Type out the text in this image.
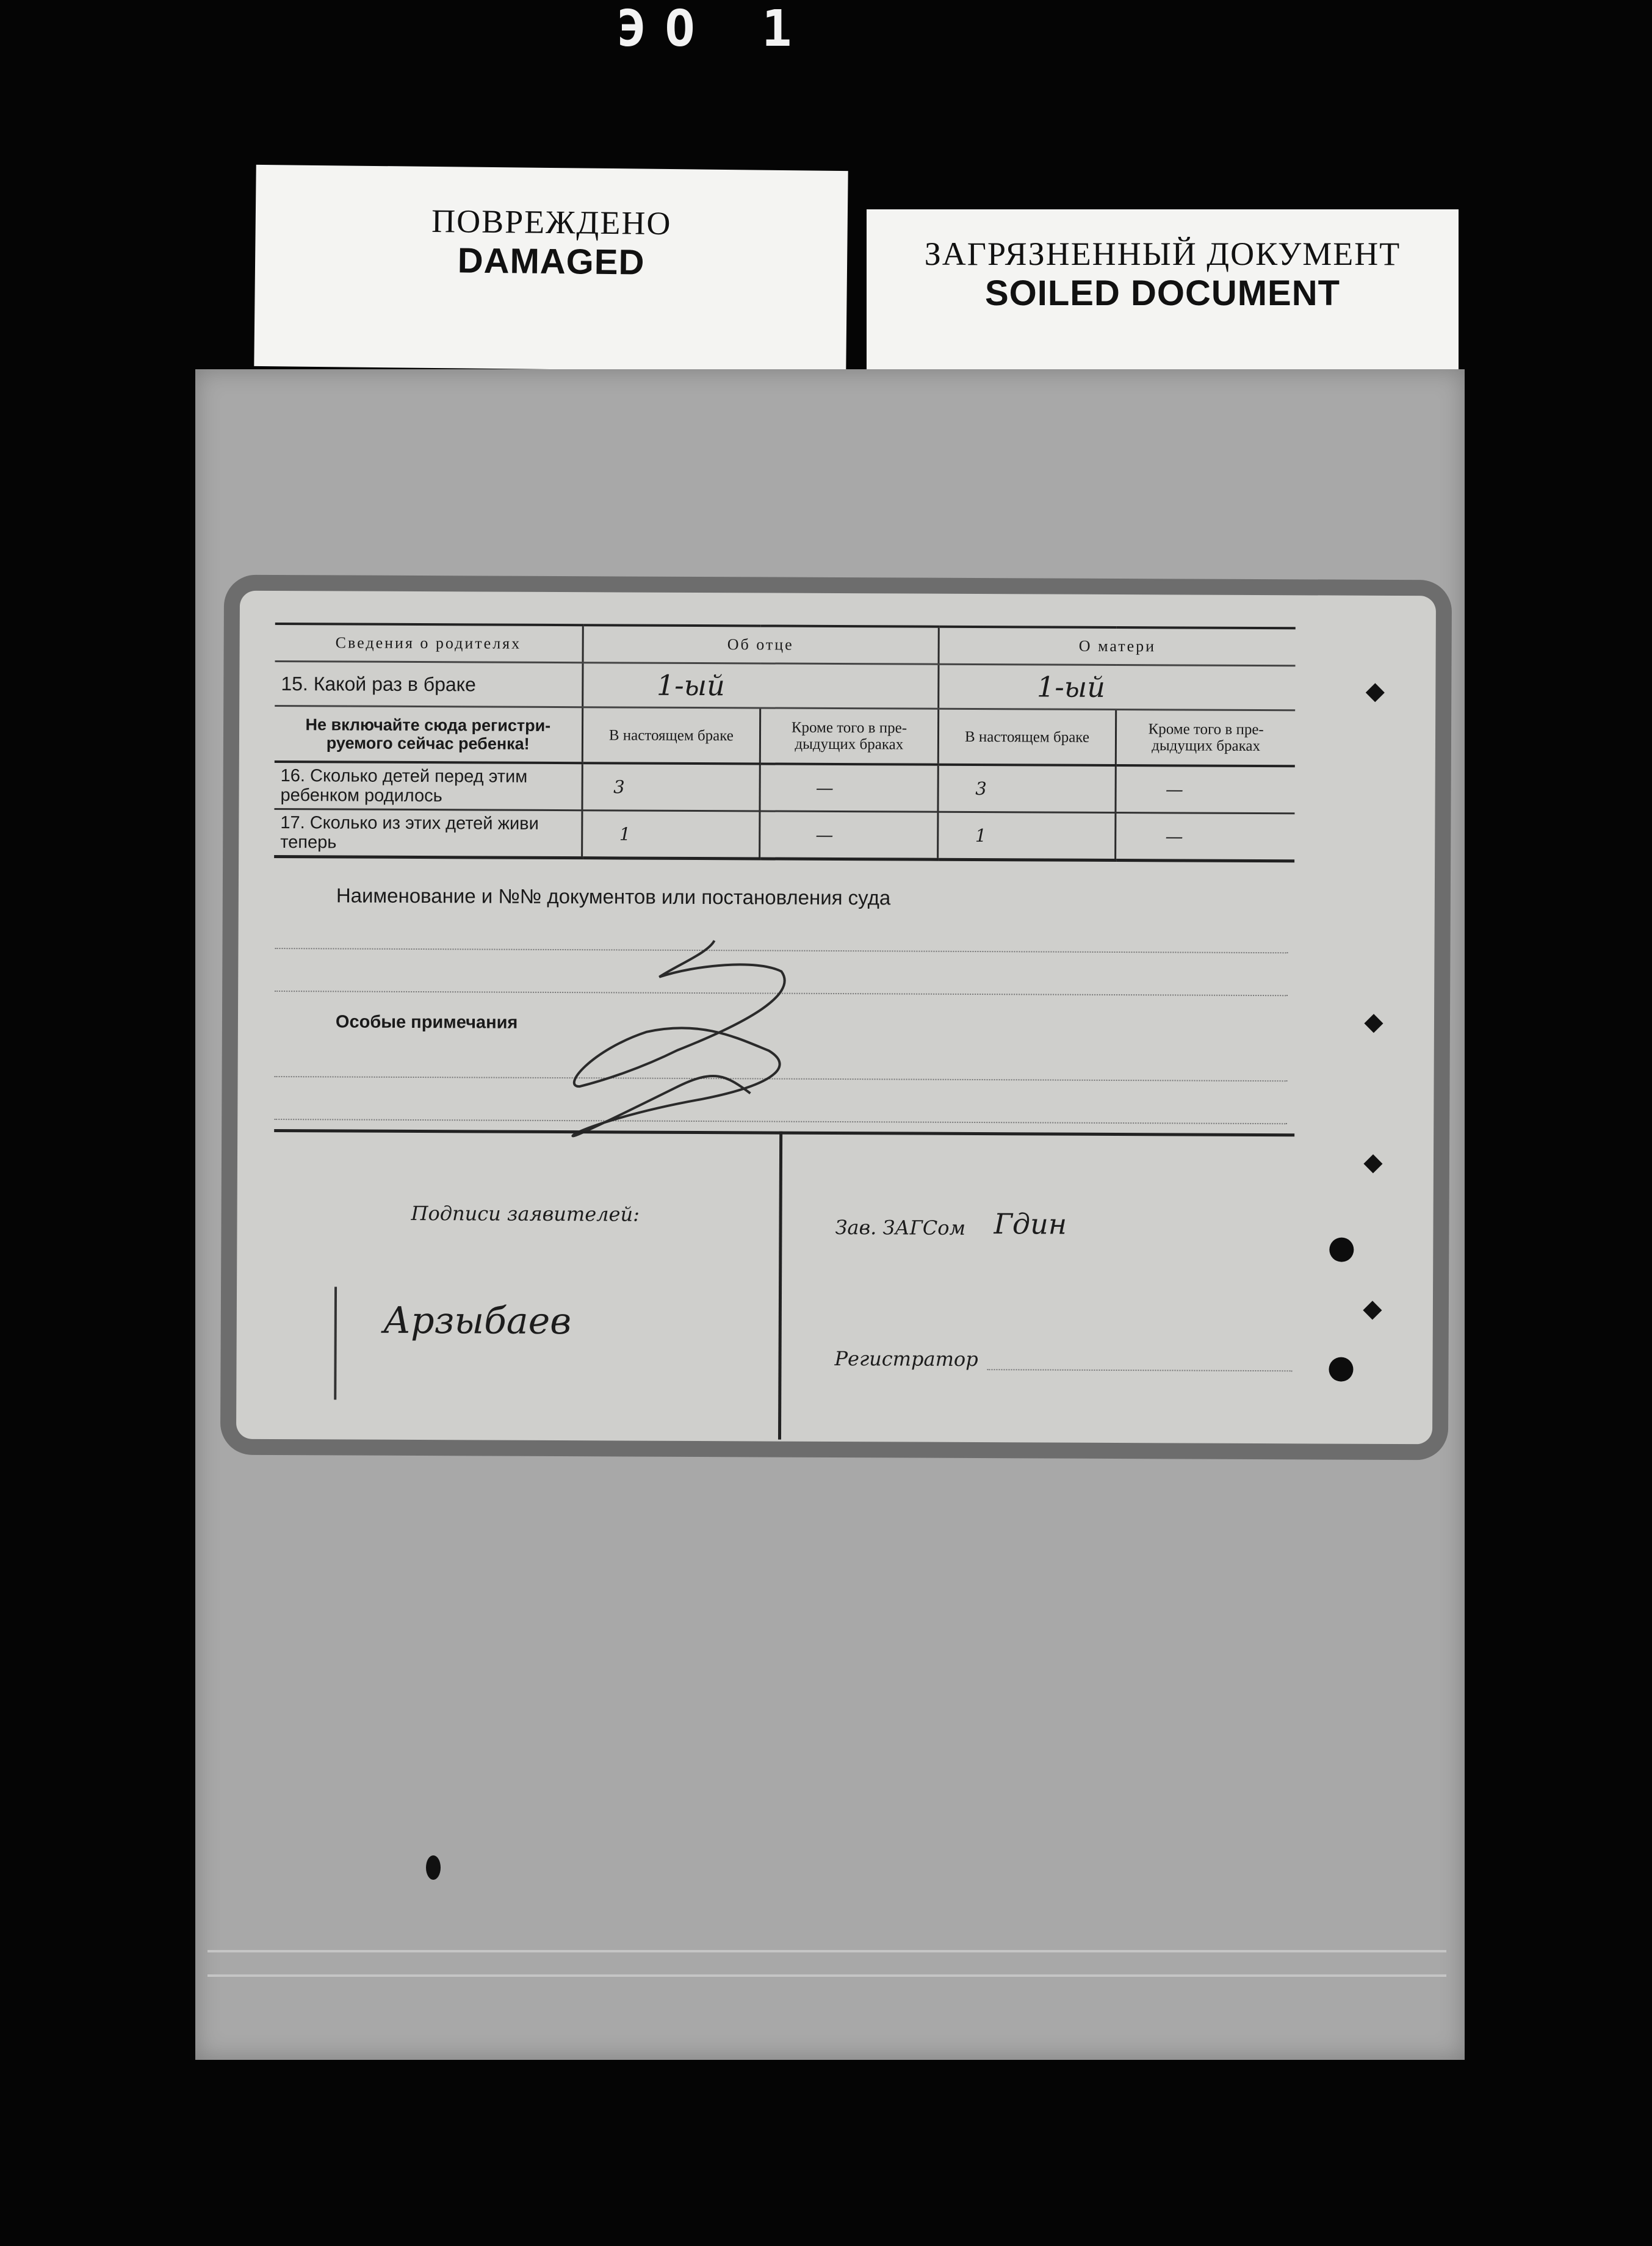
ЭО 1
ПОВРЕЖДЕНО
DAMAGED	ЗАГРЯЗНЕННЫЙ ДОКУМЕНТ
SOILED DOCUMENT
Сведения о родителях	Об отце		О матери	
15. Какой раз в браке	1-ый		1-ый	
Не включайте сюда регистри-руемого сейчас ребенка!	В настоящем браке	Кроме того в пре-дыдущих браках	В настоящем браке	Кроме того в пре-дыдущих браках
16. Сколько детей перед этим ребенком родилось	3	—	3	—
17. Сколько из этих детей живи теперь	1	—	1	—
Наименование и №№ документов или постановления суда
Особые примечания
Подписи заявителей:
Арзыбаев
Зав. ЗАГСом Гдин
Регистратор
